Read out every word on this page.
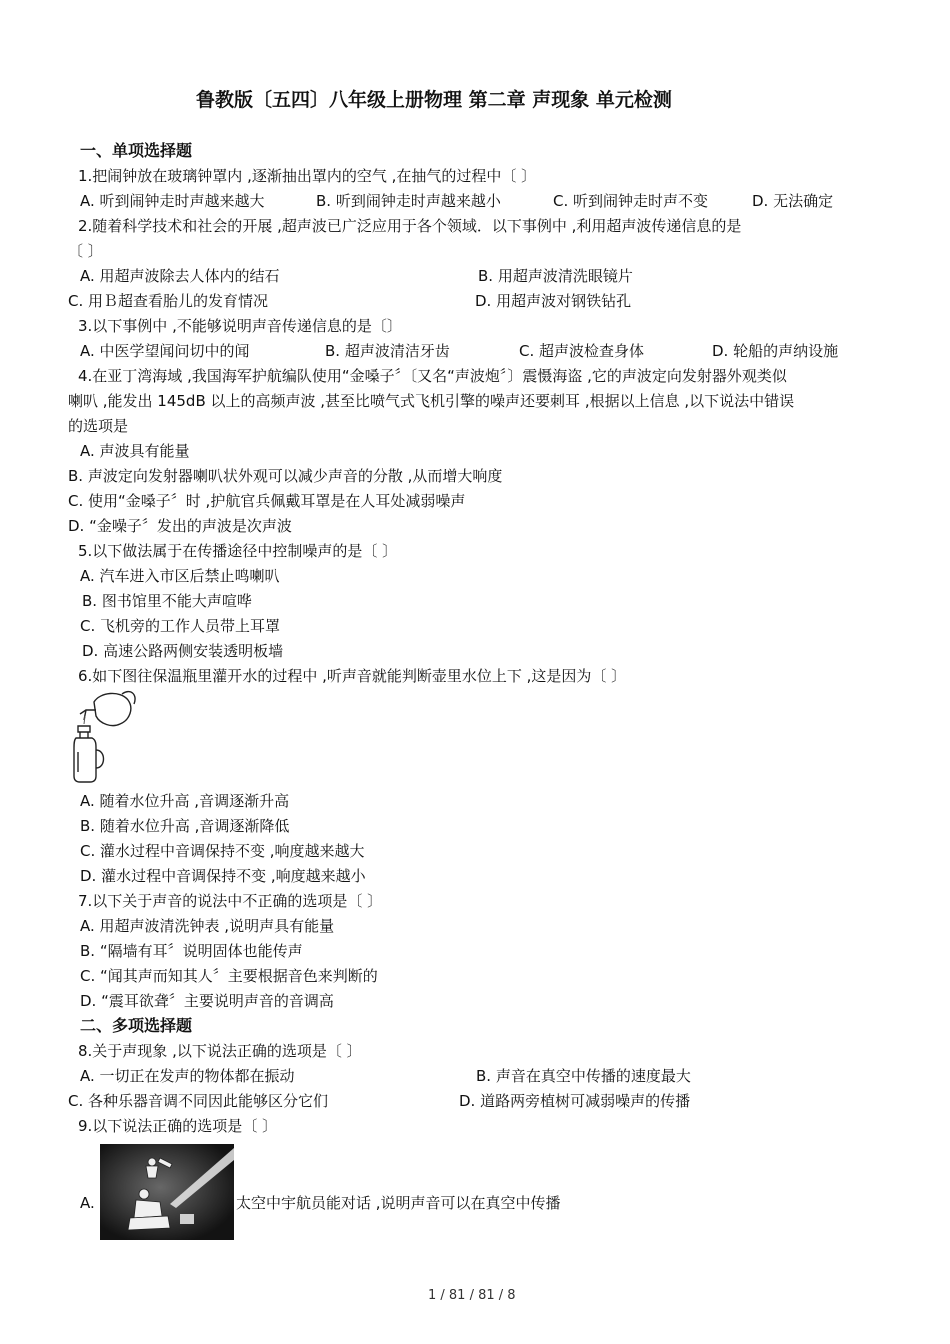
鲁教版〔五四〕八年级上册物理 第二章 声现象 单元检测
一、单项选择题
1.把闹钟放在玻璃钟罩内 ,逐渐抽出罩内的空气 ,在抽气的过程中〔 〕
A. 听到闹钟走时声越来越大	B. 听到闹钟走时声越来越小	C. 听到闹钟走时声不变	D. 无法确定
2.随着科学技术和社会的开展 ,超声波已广泛应用于各个领域．以下事例中 ,利用超声波传递信息的是
〔 〕
A. 用超声波除去人体内的结石	B. 用超声波清洗眼镜片
C. 用Ｂ超查看胎儿的发育情况	D. 用超声波对钢铁钻孔
3.以下事例中 ,不能够说明声音传递信息的是〔〕
A. 中医学望闻问切中的闻	B. 超声波清洁牙齿	C. 超声波检查身体	D. 轮船的声纳设施
4.在亚丁湾海域 ,我国海军护航编队使用“金嗓子〞〔又名“声波炮〞〕震慑海盗 ,它的声波定向发射器外观类似
喇叭 ,能发出 145dB 以上的高频声波 ,甚至比喷气式飞机引擎的噪声还要刺耳 ,根据以上信息 ,以下说法中错误
的选项是
A. 声波具有能量
B. 声波定向发射器喇叭状外观可以减少声音的分散 ,从而增大响度
C. 使用“金嗓子〞时 ,护航官兵佩戴耳罩是在人耳处减弱噪声
D. “金噪子〞发出的声波是次声波
5.以下做法属于在传播途径中控制噪声的是〔 〕
A. 汽车进入市区后禁止鸣喇叭
B. 图书馆里不能大声喧哗
C. 飞机旁的工作人员带上耳罩
D. 高速公路两侧安装透明板墙
6.如下图往保温瓶里灌开水的过程中 ,听声音就能判断壶里水位上下 ,这是因为〔 〕
A. 随着水位升高 ,音调逐渐升高
B. 随着水位升高 ,音调逐渐降低
C. 灌水过程中音调保持不变 ,响度越来越大
D. 灌水过程中音调保持不变 ,响度越来越小
7.以下关于声音的说法中不正确的选项是〔 〕
A. 用超声波清洗钟表 ,说明声具有能量
B. “隔墙有耳〞说明固体也能传声
C. “闻其声而知其人〞主要根据音色来判断的
D. “震耳欲聋〞主要说明声音的音调高
二、多项选择题
8.关于声现象 ,以下说法正确的选项是〔 〕
A. 一切正在发声的物体都在振动	B. 声音在真空中传播的速度最大
C. 各种乐器音调不同因此能够区分它们	D. 道路两旁植树可减弱噪声的传播
9.以下说法正确的选项是〔 〕
A.	太空中宇航员能对话 ,说明声音可以在真空中传播
1 / 81 / 81 / 8
